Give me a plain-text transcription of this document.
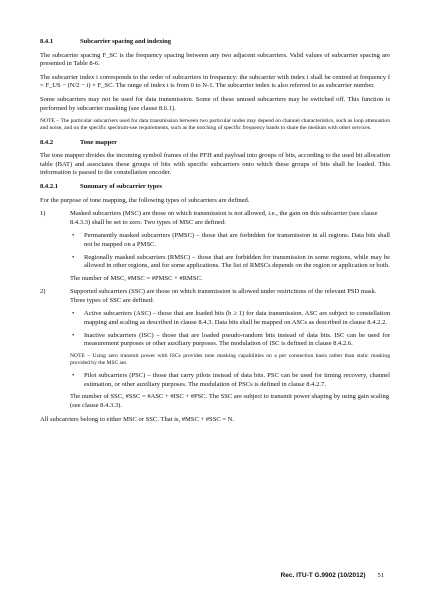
8.4.1	Subcarrier spacing and indexing

The subcarrier spacing F_SC is the frequency spacing between any two adjacent subcarriers. Valid values of subcarrier spacing are presented in Table 8-6.

The subcarrier index i corresponds to the order of subcarriers in frequency: the subcarrier with index i shall be centred at frequency f = F_US − (N/2 − i) × F_SC. The range of index i is from 0 to N-1. The subcarrier index is also referred to as subcarrier number.

Some subcarriers may not be used for data transmission. Some of these unused subcarriers may be switched off. This function is performed by subcarrier masking (see clause 8.6.1).

NOTE – The particular subcarriers used for data transmission between two particular nodes may depend on channel characteristics, such as loop attenuation and noise, and on the specific spectrum-use requirements, such as the notching of specific frequency bands to share the medium with other services.
8.4.2	Tone mapper

The tone mapper divides the incoming symbol frames of the PFH and payload into groups of bits, according to the used bit allocation table (BAT) and associates these groups of bits with specific subcarriers onto which these groups of bits shall be loaded. This information is passed to the constellation encoder.

8.4.2.1	Summary of subcarrier types

For the purpose of tone mapping, the following types of subcarriers are defined.

1)	Masked subcarriers (MSC) are those on which transmission is not allowed, i.e., the gain on this subcarrier (see clause 8.4.3.3) shall be set to zero. Two types of MSC are defined:
• Permanently masked subcarriers (PMSC) – those that are forbidden for transmission in all regions. Data bits shall not be mapped on a PMSC.
• Regionally masked subcarriers (RMSC) – those that are forbidden for transmission in some regions, while may be allowed in other regions, and for some applications. The list of RMSCs depends on the region or application or both.
The number of MSC, #MSC = #PMSC + #RMSC.
2)	Supported subcarriers (SSC) are those on which transmission is allowed under restrictions of the relevant PSD mask. Three types of SSC are defined:
• Active subcarriers (ASC) – those that are loaded bits (b ≥ 1) for data transmission. ASC are subject to constellation mapping and scaling as described in clause 8.4.3. Data bits shall be mapped on ASCs as described in clause 8.4.2.2.
• Inactive subcarriers (ISC) – those that are loaded pseudo-random bits instead of data bits. ISC can be used for measurement purposes or other auxiliary purposes. The modulation of ISC is defined in clause 8.4.2.6.
NOTE – Using zero transmit power with ISCs provides tone masking capabilities on a per connection basis rather than static masking provided by the MSC set.
• Pilot subcarriers (PSC) – those that carry pilots instead of data bits. PSC can be used for timing recovery, channel estimation, or other auxiliary purposes. The modulation of PSCs is defined in clause 8.4.2.7.
The number of SSC, #SSC = #ASC + #ISC + #PSC. The SSC are subject to transmit power shaping by using gain scaling (see clause 8.4.3.3).

All subcarriers belong to either MSC or SSC. That is, #MSC + #SSC = N.

Rec. ITU-T G.9902 (10/2012) 51
